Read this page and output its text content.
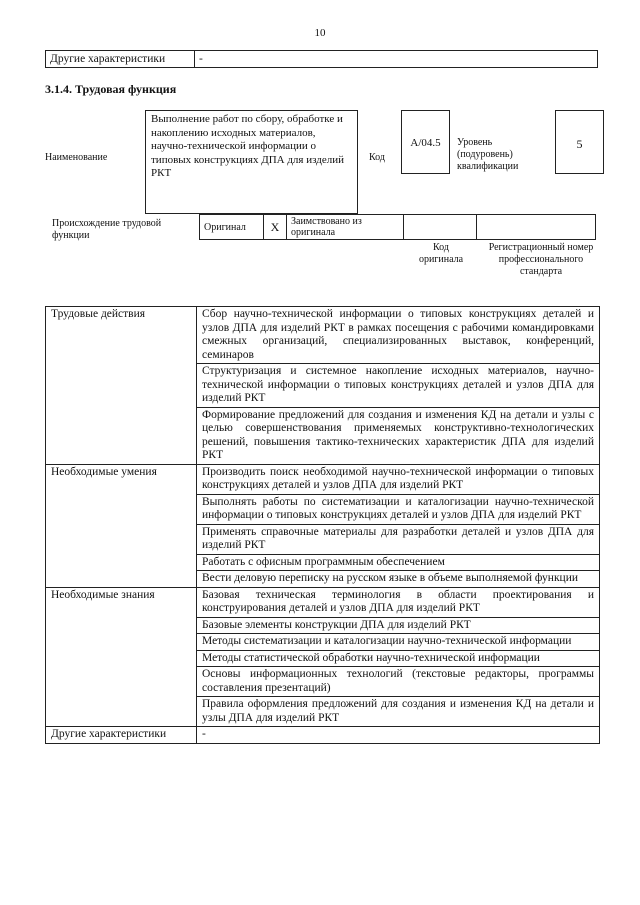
10
Другие характеристики	-
3.1.4. Трудовая функция
Наименование
Выполнение работ по сбору, обработке и накоплению исходных материалов, научно-технической информации о типовых конструкциях ДПА для изделий РКТ
Код
A/04.5	Уровень (подуровень) квалификации
5
Происхождение трудовой функции
Оригинал	X	Заимствовано из оригинала		
Код оригинала
Регистрационный номер профессионального стандарта
Трудовые действия	Сбор научно-технической информации о типовых конструкциях деталей и узлов ДПА для изделий РКТ в рамках посещения с рабочими командировками смежных организаций, специализированных выставок, конференций, семинаров
	Структуризация и системное накопление исходных материалов, научно-технической информации о типовых конструкциях деталей и узлов ДПА для изделий РКТ
	Формирование предложений для создания и изменения КД на детали и узлы с целью совершенствования применяемых конструктивно-технологических решений, повышения тактико-технических характеристик ДПА для изделий РКТ
Необходимые умения	Производить поиск необходимой научно-технической информации о типовых конструкциях деталей и узлов ДПА для изделий РКТ
	Выполнять работы по систематизации и каталогизации научно-технической информации о типовых конструкциях деталей и узлов ДПА для изделий РКТ
	Применять справочные материалы для разработки деталей и узлов ДПА для изделий РКТ
	Работать с офисным программным обеспечением
	Вести деловую переписку на русском языке в объеме выполняемой функции
Необходимые знания	Базовая техническая терминология в области проектирования и конструирования деталей и узлов ДПА для изделий РКТ
	Базовые элементы конструкции ДПА для изделий РКТ
	Методы систематизации и каталогизации научно-технической информации
	Методы статистической обработки научно-технической информации
	Основы информационных технологий (текстовые редакторы, программы составления презентаций)
	Правила оформления предложений для создания и изменения КД на детали и узлы ДПА для изделий РКТ
Другие характеристики	-
